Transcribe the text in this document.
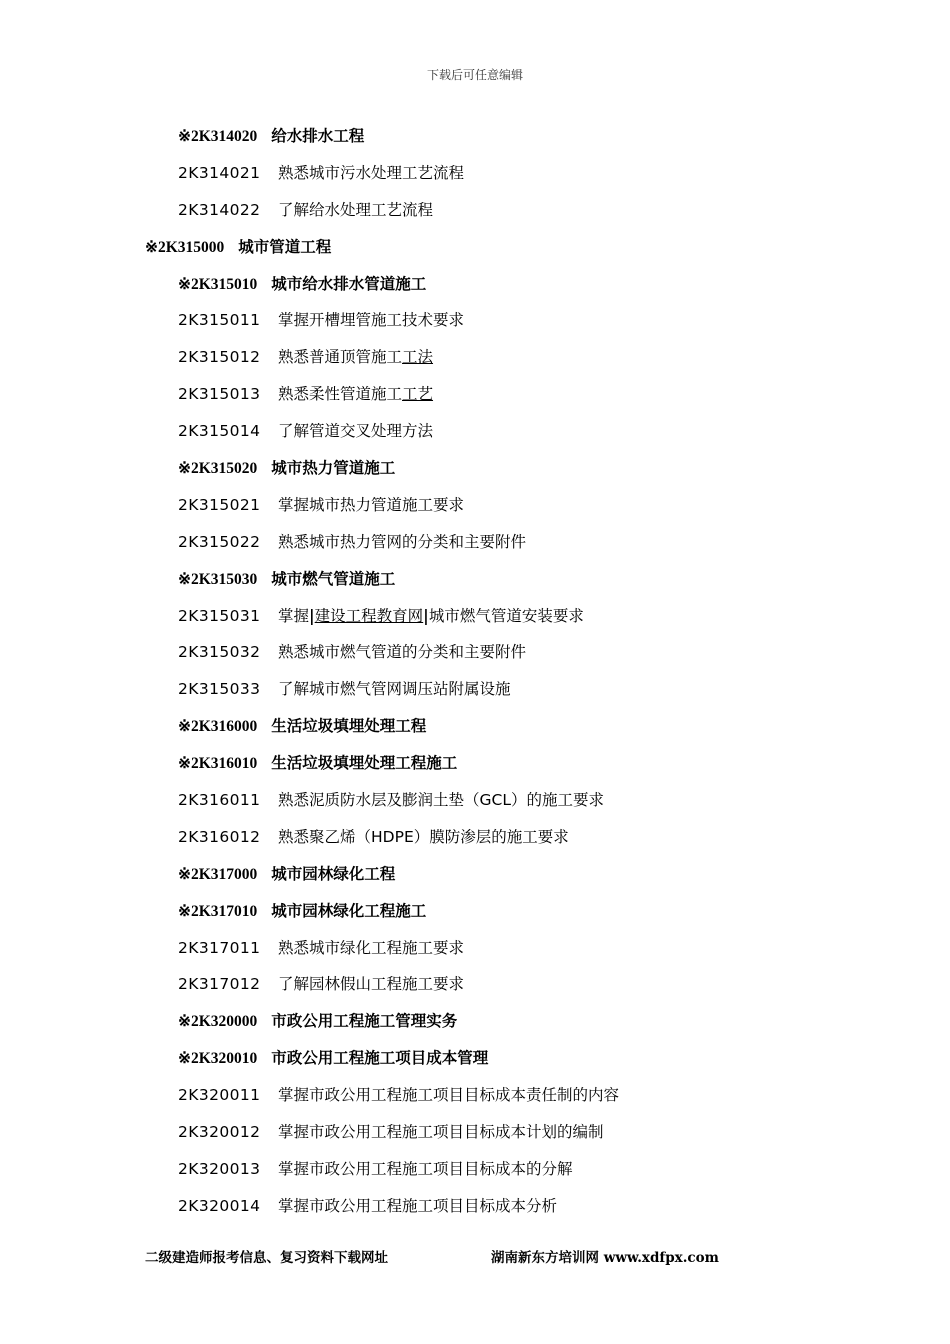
下载后可任意编辑
※2K314020 给水排水工程
2K314021 熟悉城市污水处理工艺流程
2K314022 了解给水处理工艺流程
※2K315000 城市管道工程
※2K315010 城市给水排水管道施工
2K315011 掌握开槽埋管施工技术要求
2K315012 熟悉普通顶管施工工法
2K315013 熟悉柔性管道施工工艺
2K315014 了解管道交叉处理方法
※2K315020 城市热力管道施工
2K315021 掌握城市热力管道施工要求
2K315022 熟悉城市热力管网的分类和主要附件
※2K315030 城市燃气管道施工
2K315031 掌握|建设工程教育网|城市燃气管道安装要求
2K315032 熟悉城市燃气管道的分类和主要附件
2K315033 了解城市燃气管网调压站附属设施
※2K316000 生活垃圾填埋处理工程
※2K316010 生活垃圾填埋处理工程施工
2K316011 熟悉泥质防水层及膨润土垫（GCL）的施工要求
2K316012 熟悉聚乙烯（HDPE）膜防渗层的施工要求
※2K317000 城市园林绿化工程
※2K317010 城市园林绿化工程施工
2K317011 熟悉城市绿化工程施工要求
2K317012 了解园林假山工程施工要求
※2K320000 市政公用工程施工管理实务
※2K320010 市政公用工程施工项目成本管理
2K320011 掌握市政公用工程施工项目目标成本责任制的内容
2K320012 掌握市政公用工程施工项目目标成本计划的编制
2K320013 掌握市政公用工程施工项目目标成本的分解
2K320014 掌握市政公用工程施工项目目标成本分析
二级建造师报考信息、复习资料下载网址	湖南新东方培训网 www.xdfpx.com
